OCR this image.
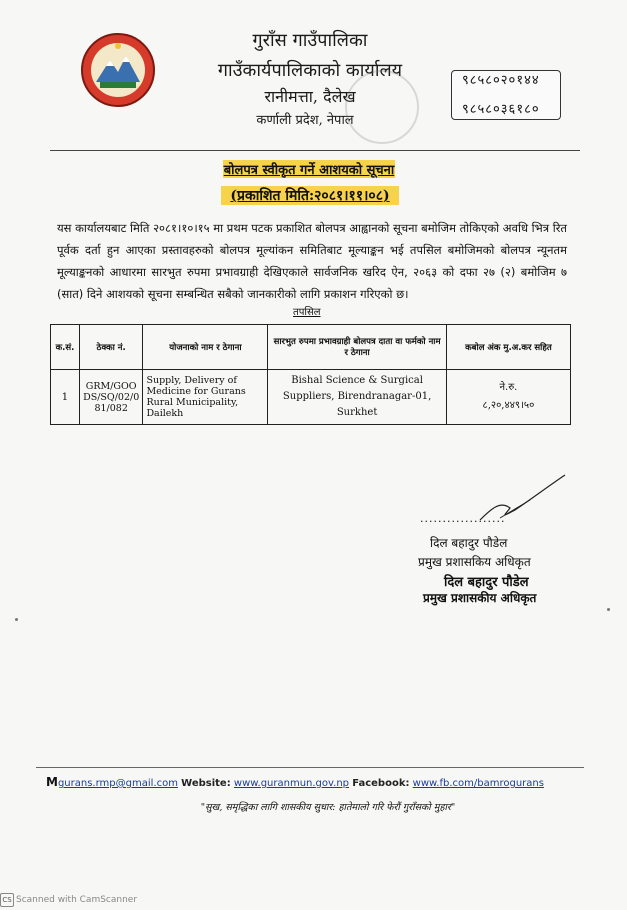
गुराँस गाउँपालिका
गाउँकार्यपालिकाको कार्यालय
रानीमत्ता, दैलेख
कर्णाली प्रदेश, नेपाल
९८५८०२०१४४
९८५८०३६१८०
बोलपत्र स्वीकृत गर्ने आशयको सूचना
(प्रकाशित मिति:२०८१।११।०८)
यस कार्यालयबाट मिति २०८१।१०।१५ मा प्रथम पटक प्रकाशित बोलपत्र आह्वानको सूचना बमोजिम तोकिएको अवधि भित्र रित पूर्वक दर्ता हुन आएका प्रस्तावहरुको बोलपत्र मूल्यांकन समितिबाट मूल्याङ्कन भई तपसिल बमोजिमको बोलपत्र न्यूनतम मूल्याङ्कनको आधारमा सारभुत रुपमा प्रभावग्राही देखिएकाले सार्वजनिक खरिद ऐन, २०६३ को दफा २७ (२) बमोजिम ७ (सात) दिने आशयको सूचना सम्बन्धित सबैको जानकारीको लागि प्रकाशन गरिएको छ।
तपसिल
क.सं.	ठेक्का नं.	योजनाको नाम र ठेगाना	सारभुत रुपमा प्रभावग्राही बोलपत्र दाता वा फर्मको नाम र ठेगाना	कबोल अंक मु.अ.कर सहित
1	GRM/GOODS/SQ/02/081/082	Supply, Delivery of Medicine for Gurans Rural Municipality, Dailekh	Bishal Science & Surgical Suppliers, Birendranagar-01, Surkhet	ने.रु.
८,२०,४४९।५०
...................
दिल बहादुर पौडेल
प्रमुख प्रशासकिय अधिकृत
दिल बहादुर पौडेल
प्रमुख प्रशासकीय अधिकृत
Mgurans.rmp@gmail.com Website: www.guranmun.gov.np Facebook: www.fb.com/bamrogurans
"सुख, समृद्धिका लागि शासकीय सुधार: हातेमालो गरि फेरौं गुराँसको मुहार"
CS Scanned with CamScanner
